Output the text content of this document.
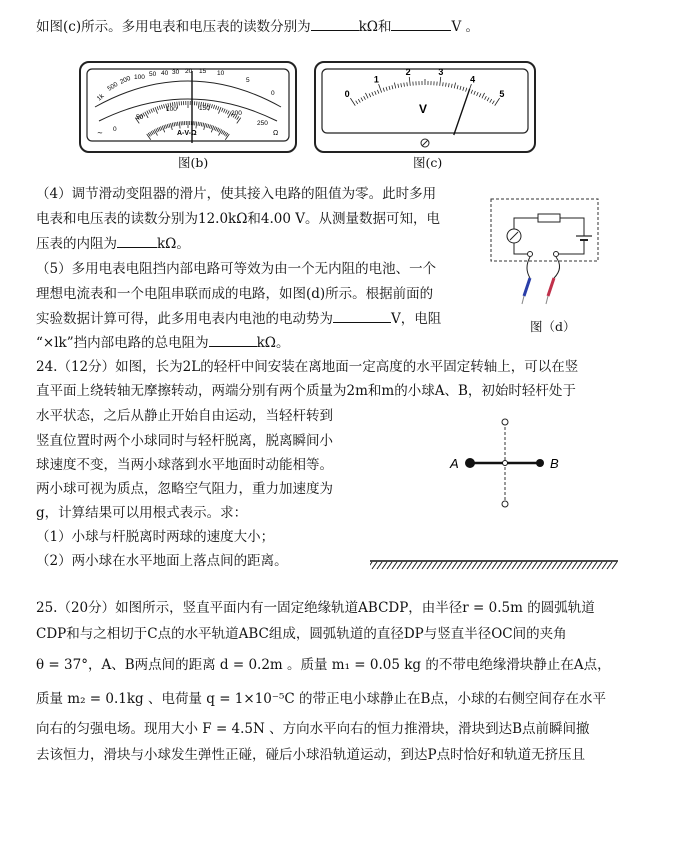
如图(c)所示。多用电表和电压表的读数分别为	kΩ和	V 。
1k
500
200 100 50 40 30 20 15 10
5
0
0
50
100	150
200
250
∼	Ω
A-V-Ω
图(b)
0
1
2	3
4
5
V
图(c)
（4）调节滑动变阻器的滑片，使其接入电路的阻值为零。此时多用
电表和电压表的读数分别为12.0kΩ和4.00 V。从测量数据可知，电
压表的内阻为	kΩ。
（5）多用电表电阻挡内部电路可等效为由一个无内阻的电池、一个
理想电流表和一个电阻串联而成的电路，如图(d)所示。根据前面的
实验数据计算可得，此多用电表内电池的电动势为	V，电阻
“×lk”挡内部电路的总电阻为	kΩ。
图（d）
24.（12分）如图，长为2L的轻杆中间安装在离地面一定高度的水平固定转轴上，可以在竖
直平面上绕转轴无摩擦转动，两端分别有两个质量为2m和m的小球A、B，初始时轻杆处于
水平状态，之后从静止开始自由运动，当轻杆转到
竖直位置时两个小球同时与轻杆脱离，脱离瞬间小
球速度不变，当两小球落到水平地面时动能相等。
两小球可视为质点，忽略空气阻力，重力加速度为
g，计算结果可以用根式表示。求：
（1）小球与杆脱离时两球的速度大小；
（2）两小球在水平地面上落点间的距离。
A	B
25.（20分）如图所示，竖直平面内有一固定绝缘轨道ABCDP，由半径r = 0.5m 的圆弧轨道
CDP和与之相切于C点的水平轨道ABC组成，圆弧轨道的直径DP与竖直半径OC间的夹角
θ = 37°，A、B两点间的距离 d = 0.2m 。质量 m₁ = 0.05 kg 的不带电绝缘滑块静止在A点，
质量 m₂ = 0.1kg 、电荷量 q = 1×10⁻⁵C 的带正电小球静止在B点，小球的右侧空间存在水平
向右的匀强电场。现用大小 F = 4.5N 、方向水平向右的恒力推滑块，滑块到达B点前瞬间撤
去该恒力，滑块与小球发生弹性正碰，碰后小球沿轨道运动，到达P点时恰好和轨道无挤压且
